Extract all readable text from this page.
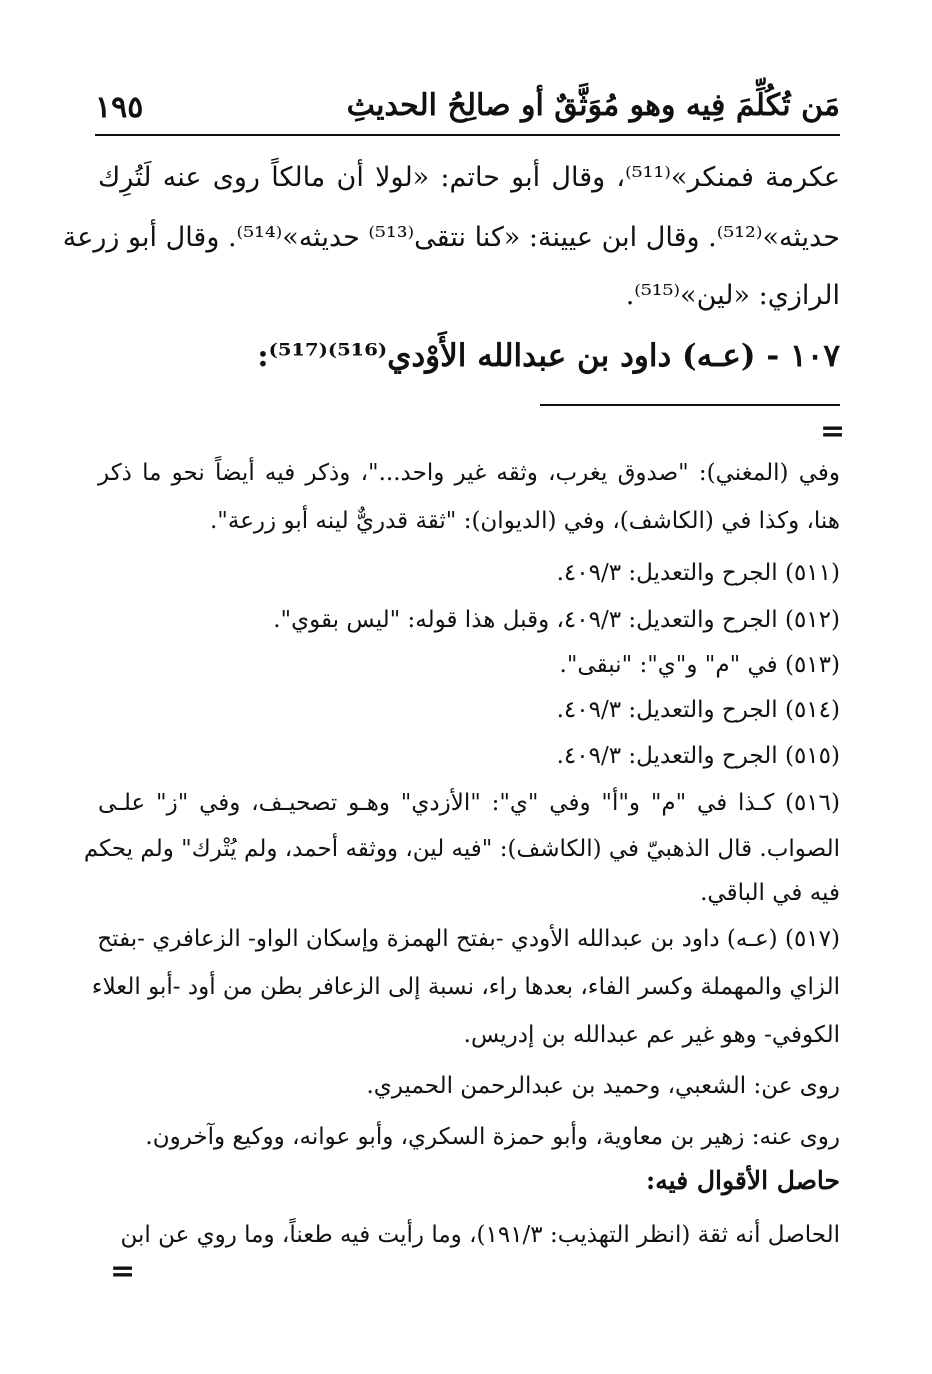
١٩٥	مَن تُكُلِّمَ فِيه وهو مُوَثَّقٌ أو صالِحُ الحديثِ
عكرمة فمنكر»⁽⁵¹¹⁾، وقال أبو حاتم: «لولا أن مالكاً روى عنه لَتُرِك
حديثه»⁽⁵¹²⁾. وقال ابن عيينة: «كنا نتقى⁽⁵¹³⁾ حديثه»⁽⁵¹⁴⁾. وقال أبو زرعة
الرازي: «لين»⁽⁵¹⁵⁾.
١٠٧ - (عـه) داود بن عبدالله الأَوْدي⁽⁵¹⁶⁾⁽⁵¹⁷⁾:
=
وفي (المغني): "صدوق يغرب، وثقه غير واحد..."، وذكر فيه أيضاً نحو ما ذكر
هنا، وكذا في (الكاشف)، وفي (الديوان): "ثقة قدريٌّ لينه أبو زرعة".
(٥١١) الجرح والتعديل: ٤٠٩/٣.
(٥١٢) الجرح والتعديل: ٤٠٩/٣، وقبل هذا قوله: "ليس بقوي".
(٥١٣) في "م" و"ي": "نبقى".
(٥١٤) الجرح والتعديل: ٤٠٩/٣.
(٥١٥) الجرح والتعديل: ٤٠٩/٣.
(٥١٦) كـذا في "م" و"أ" وفي "ي": "الأزدي" وهـو تصحيـف، وفي "ز" علـى
الصواب. قال الذهبيّ في (الكاشف): "فيه لين، ووثقه أحمد، ولم يُتْرك" ولم يحكم
فيه في الباقي.
(٥١٧) (عـه) داود بن عبدالله الأودي -بفتح الهمزة وإسكان الواو- الزعافري -بفتح
الزاي والمهملة وكسر الفاء، بعدها راء، نسبة إلى الزعافر بطن من أود -أبو العلاء
الكوفي- وهو غير عم عبدالله بن إدريس.
روى عن: الشعبي، وحميد بن عبدالرحمن الحميري.
روى عنه: زهير بن معاوية، وأبو حمزة السكري، وأبو عوانه، ووكيع وآخرون.
حاصل الأقوال فيه:
الحاصل أنه ثقة (انظر التهذيب: ١٩١/٣)، وما رأيت فيه طعناً، وما روي عن ابن
=
